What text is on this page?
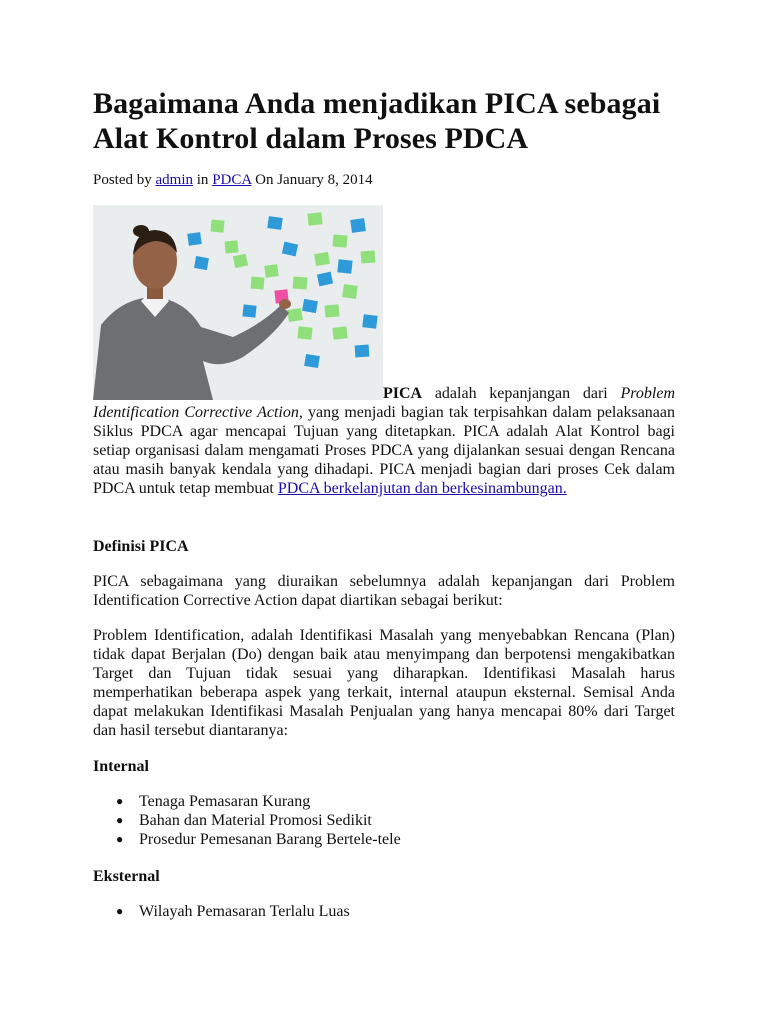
Bagaimana Anda menjadikan PICA sebagai Alat Kontrol dalam Proses PDCA
Posted by admin in PDCA On January 8, 2014

PICA adalah kepanjangan dari Problem
Identification Corrective Action, yang menjadi bagian tak terpisahkan dalam pelaksanaan Siklus PDCA agar mencapai Tujuan yang ditetapkan. PICA adalah Alat Kontrol bagi setiap organisasi dalam mengamati Proses PDCA yang dijalankan sesuai dengan Rencana atau masih banyak kendala yang dihadapi. PICA menjadi bagian dari proses Cek dalam PDCA untuk tetap membuat PDCA berkelanjutan dan berkesinambungan.

Definisi PICA

PICA sebagaimana yang diuraikan sebelumnya adalah kepanjangan dari Problem Identification Corrective Action dapat diartikan sebagai berikut:

Problem Identification, adalah Identifikasi Masalah yang menyebabkan Rencana (Plan) tidak dapat Berjalan (Do) dengan baik atau menyimpang dan berpotensi mengakibatkan Target dan Tujuan tidak sesuai yang diharapkan. Identifikasi Masalah harus memperhatikan beberapa aspek yang terkait, internal ataupun eksternal. Semisal Anda dapat melakukan Identifikasi Masalah Penjualan yang hanya mencapai 80% dari Target dan hasil tersebut diantaranya:

Internal
● Tenaga Pemasaran Kurang
● Bahan dan Material Promosi Sedikit
● Prosedur Pemesanan Barang Bertele-tele
Eksternal
● Wilayah Pemasaran Terlalu Luas
